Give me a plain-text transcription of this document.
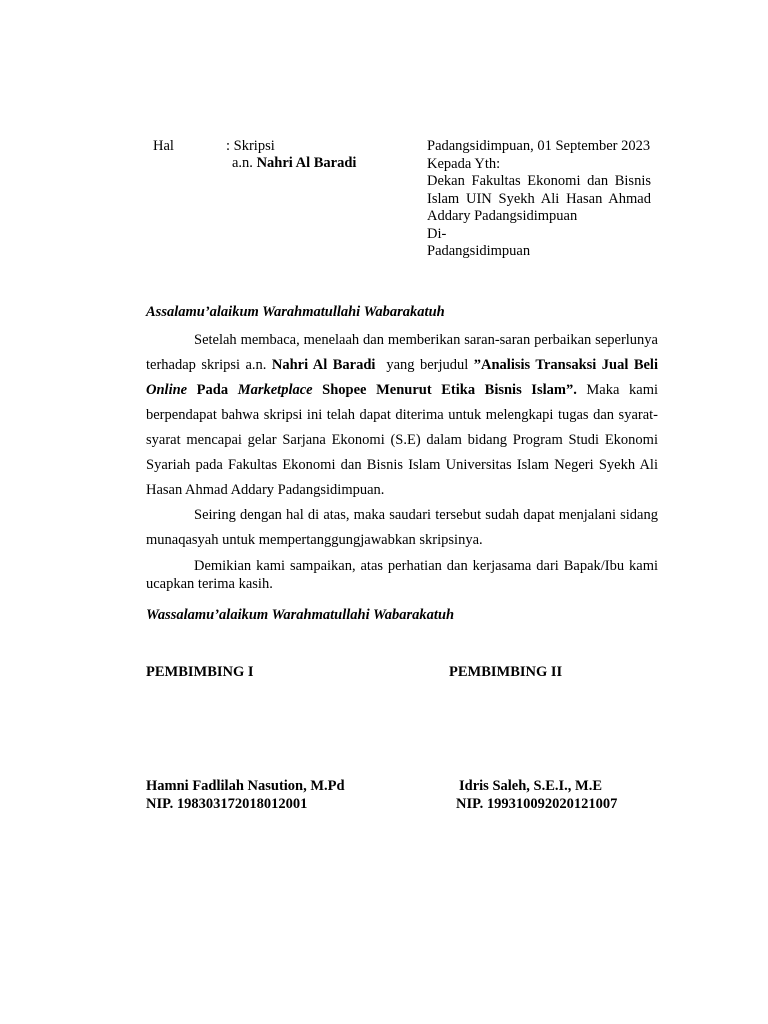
Hal	: Skripsi
a.n. Nahri Al Baradi
Padangsidimpuan, 01 September 2023
Kepada Yth:
Dekan Fakultas Ekonomi dan Bisnis Islam UIN Syekh Ali Hasan Ahmad Addary Padangsidimpuan
Di-
Padangsidimpuan
Assalamu’alaikum Warahmatullahi Wabarakatuh

Setelah membaca, menelaah dan memberikan saran-saran perbaikan seperlunya terhadap skripsi a.n. Nahri Al Baradi  yang berjudul ”Analisis Transaksi Jual Beli Online Pada Marketplace Shopee Menurut Etika Bisnis Islam”. Maka kami berpendapat bahwa skripsi ini telah dapat diterima untuk melengkapi tugas dan syarat-syarat mencapai gelar Sarjana Ekonomi (S.E) dalam bidang Program Studi Ekonomi Syariah pada Fakultas Ekonomi dan Bisnis Islam Universitas Islam Negeri Syekh Ali Hasan Ahmad Addary Padangsidimpuan.

Seiring dengan hal di atas, maka saudari tersebut sudah dapat menjalani sidang munaqasyah untuk mempertanggungjawabkan skripsinya.

Demikian kami sampaikan, atas perhatian dan kerjasama dari Bapak/Ibu kami ucapkan terima kasih.

Wassalamu’alaikum Warahmatullahi Wabarakatuh
PEMBIMBING I	PEMBIMBING II
Hamni Fadlilah Nasution, M.Pd
NIP. 198303172018012001
Idris Saleh, S.E.I., M.E
NIP. 199310092020121007
